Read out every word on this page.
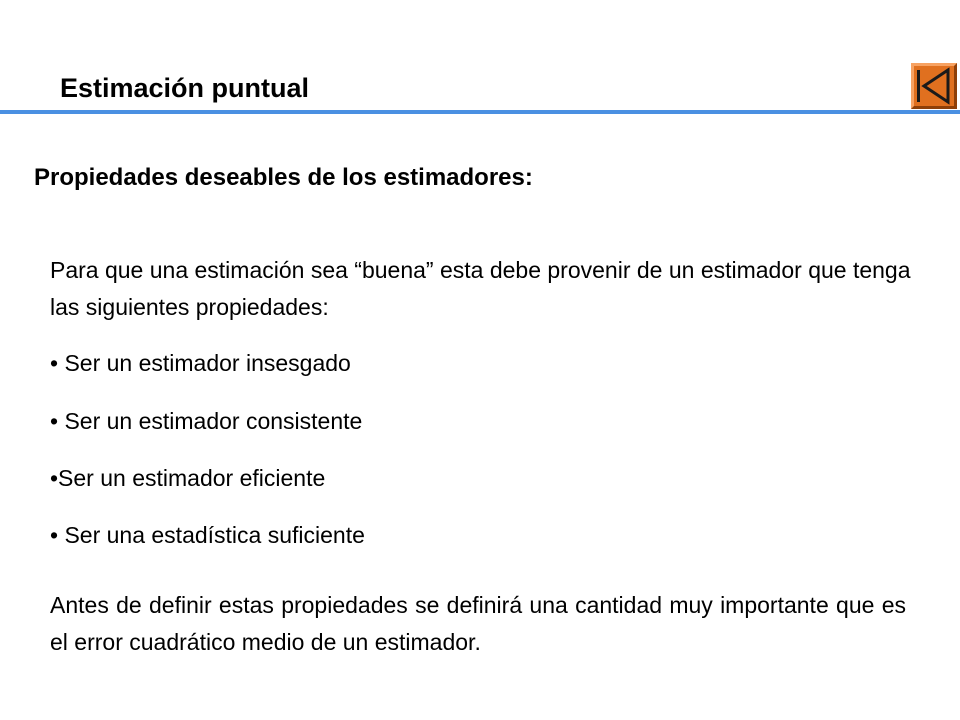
Estimación puntual
Propiedades deseables de los estimadores:
Para que una estimación sea “buena” esta debe provenir de un estimador que tenga las siguientes propiedades:
• Ser un estimador insesgado
• Ser un estimador consistente
•Ser un estimador eficiente
• Ser una estadística suficiente
Antes de definir estas propiedades se definirá una cantidad muy importante que es el error cuadrático medio de un estimador.
